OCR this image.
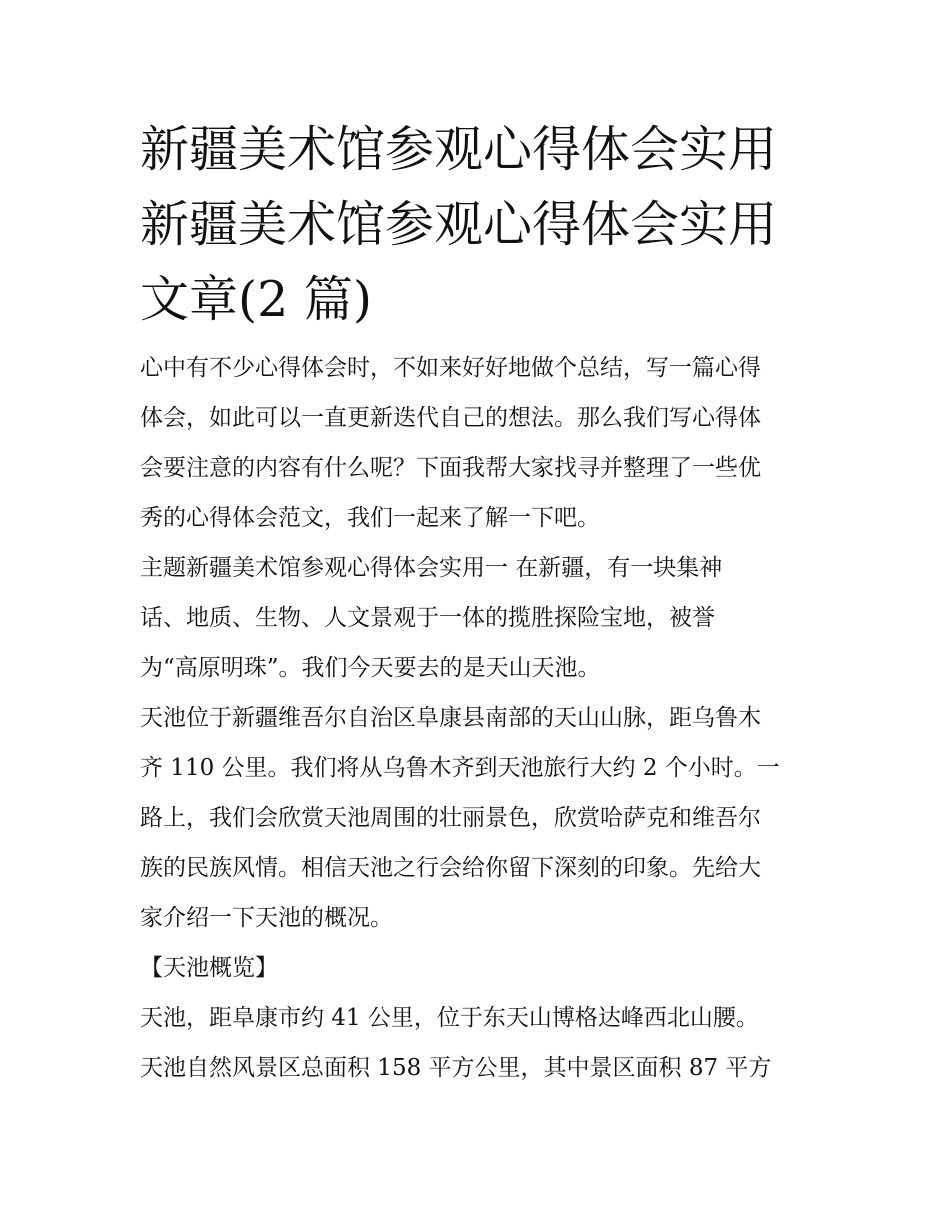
新疆美术馆参观心得体会实用
新疆美术馆参观心得体会实用
文章(2 篇)

心中有不少心得体会时，不如来好好地做个总结，写一篇心得
体会，如此可以一直更新迭代自己的想法。那么我们写心得体
会要注意的内容有什么呢？下面我帮大家找寻并整理了一些优
秀的心得体会范文，我们一起来了解一下吧。

主题新疆美术馆参观心得体会实用一 在新疆，有一块集神
话、地质、生物、人文景观于一体的揽胜探险宝地，被誉
为“高原明珠”。我们今天要去的是天山天池。

天池位于新疆维吾尔自治区阜康县南部的天山山脉，距乌鲁木
齐 110 公里。我们将从乌鲁木齐到天池旅行大约 2 个小时。一
路上，我们会欣赏天池周围的壮丽景色，欣赏哈萨克和维吾尔
族的民族风情。相信天池之行会给你留下深刻的印象。先给大
家介绍一下天池的概况。

【天池概览】

天池，距阜康市约 41 公里，位于东天山博格达峰西北山腰。
天池自然风景区总面积 158 平方公里，其中景区面积 87 平方
